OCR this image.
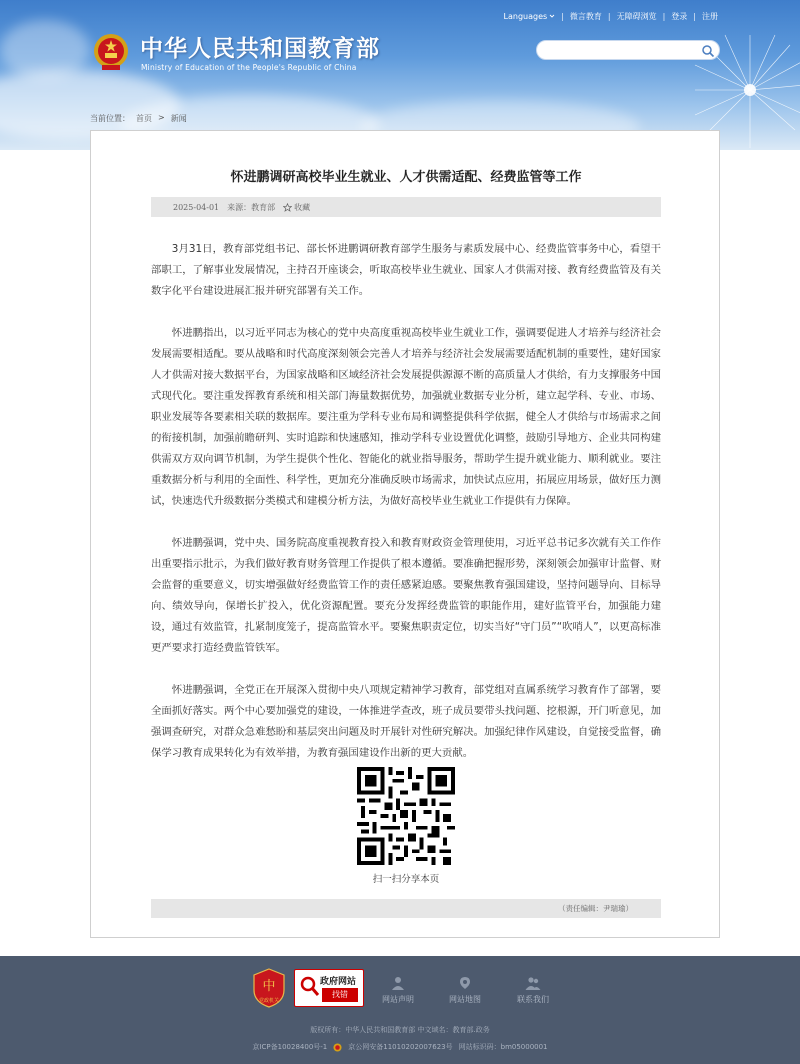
Languages | 微言教育 | 无障碍浏览 | 登录 | 注册
中华人民共和国教育部
Ministry of Education of the People's Republic of China
当前位置： 首页 > 新闻
怀进鹏调研高校毕业生就业、人才供需适配、经费监管等工作
2025-04-01 来源：教育部 收藏

3月31日，教育部党组书记、部长怀进鹏调研教育部学生服务与素质发展中心、经费监管事务中心，看望干部职工，了解事业发展情况，主持召开座谈会，听取高校毕业生就业、国家人才供需对接、教育经费监管及有关数字化平台建设进展汇报并研究部署有关工作。

怀进鹏指出，以习近平同志为核心的党中央高度重视高校毕业生就业工作，强调要促进人才培养与经济社会发展需要相适配。要从战略和时代高度深刻领会完善人才培养与经济社会发展需要适配机制的重要性，建好国家人才供需对接大数据平台，为国家战略和区域经济社会发展提供源源不断的高质量人才供给，有力支撑服务中国式现代化。要注重发挥教育系统和相关部门海量数据优势，加强就业数据专业分析，建立起学科、专业、市场、职业发展等各要素相关联的数据库。要注重为学科专业布局和调整提供科学依据，健全人才供给与市场需求之间的衔接机制，加强前瞻研判、实时追踪和快速感知，推动学科专业设置优化调整，鼓励引导地方、企业共同构建供需双方双向调节机制，为学生提供个性化、智能化的就业指导服务，帮助学生提升就业能力、顺利就业。要注重数据分析与利用的全面性、科学性，更加充分准确反映市场需求，加快试点应用，拓展应用场景，做好压力测试，快速迭代升级数据分类模式和建模分析方法，为做好高校毕业生就业工作提供有力保障。

怀进鹏强调，党中央、国务院高度重视教育投入和教育财政资金管理使用，习近平总书记多次就有关工作作出重要指示批示，为我们做好教育财务管理工作提供了根本遵循。要准确把握形势，深刻领会加强审计监督、财会监督的重要意义，切实增强做好经费监管工作的责任感紧迫感。要聚焦教育强国建设，坚持问题导向、目标导向、绩效导向，保增长扩投入，优化资源配置。要充分发挥经费监管的职能作用，建好监管平台，加强能力建设，通过有效监管，扎紧制度笼子，提高监管水平。要聚焦职责定位，切实当好“守门员”“吹哨人”，以更高标准更严要求打造经费监管铁军。

怀进鹏强调，全党正在开展深入贯彻中央八项规定精神学习教育，部党组对直属系统学习教育作了部署，要全面抓好落实。两个中心要加强党的建设，一体推进学查改，班子成员要带头找问题、挖根源，开门听意见，加强调查研究，对群众急难愁盼和基层突出问题及时开展针对性研究解决。加强纪律作风建设，自觉接受监督，确保学习教育成果转化为有效举措，为教育强国建设作出新的更大贡献。

扫一扫分享本页
（责任编辑：尹瑞瑜）
中
党政机关
政府网站
找错
网站声明	网站地图	联系我们
版权所有：中华人民共和国教育部 中文域名：教育部.政务
京ICP备10028400号-1	京公网安备11010202007623号 网站标识码：bm05000001
